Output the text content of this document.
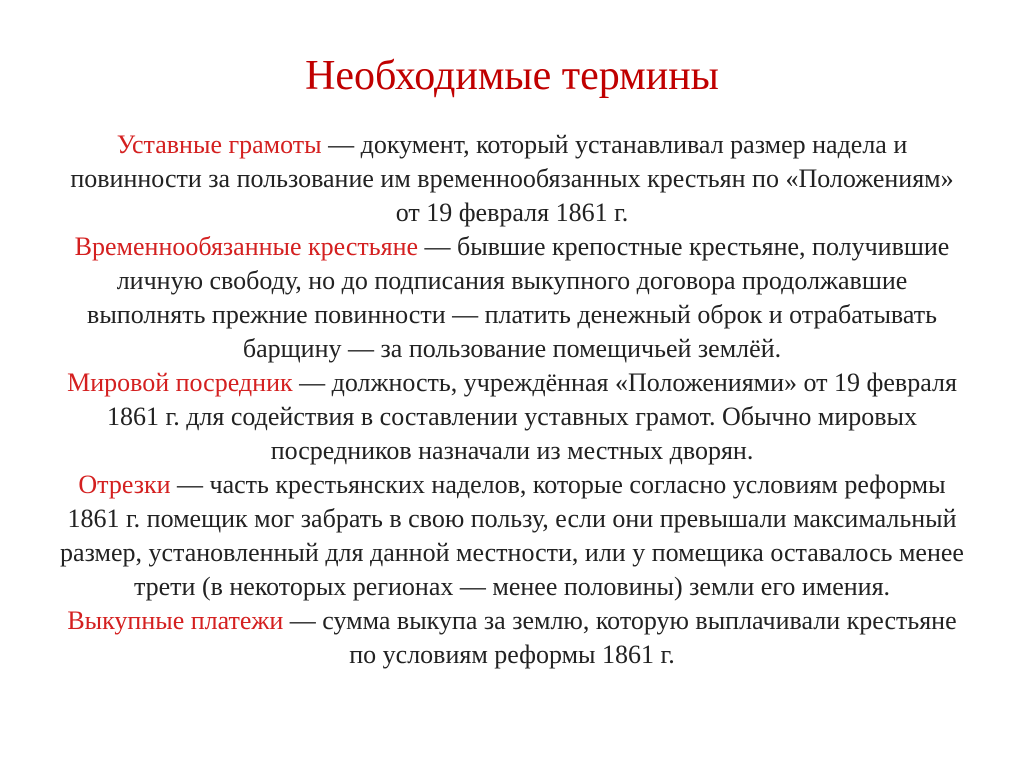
Необходимые термины

Уставные грамоты — документ, который устанавливал размер надела и повинности за пользование им временнообязанных крестьян по «Положениям» от 19 февраля 1861 г.

Временнообязанные крестьяне — бывшие крепостные крестьяне, получившие личную свободу, но до подписания выкупного договора продолжавшие выполнять прежние повинности — платить денежный оброк и отрабатывать барщину — за пользование помещичьей землёй.

Мировой посредник — должность, учреждённая «Положениями» от 19 февраля 1861 г. для содействия в составлении уставных грамот. Обычно мировых посредников назначали из местных дворян.

Отрезки — часть крестьянских наделов, которые согласно условиям реформы 1861 г. помещик мог забрать в свою пользу, если они превышали максимальный размер, установленный для данной местности, или у помещика оставалось менее трети (в некоторых регионах — менее половины) земли его имения.

Выкупные платежи — сумма выкупа за землю, которую выплачивали крестьяне по условиям реформы 1861 г.
